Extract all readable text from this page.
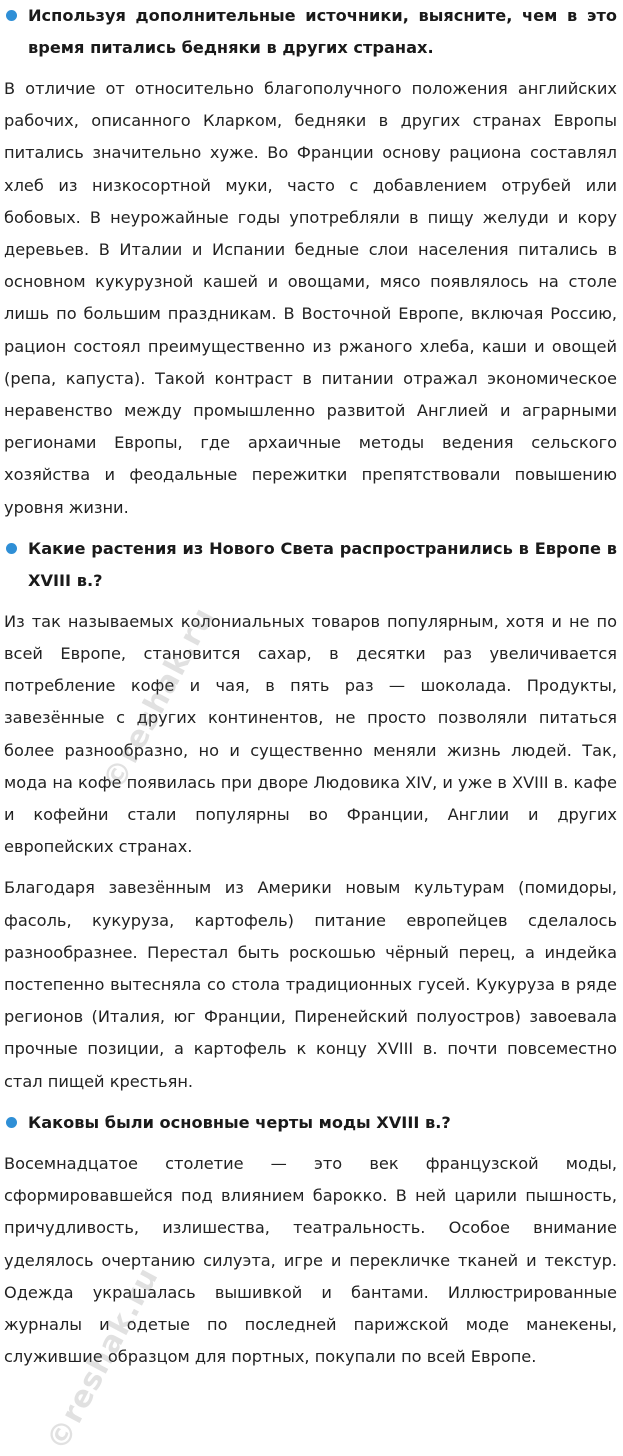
Используя дополнительные источники, выясните, чем в это время питались бедняки в других странах.

В отличие от относительно благополучного положения английских рабочих, описанного Кларком, бедняки в других странах Европы питались значительно хуже. Во Франции основу рациона составлял хлеб из низкосортной муки, часто с добавлением отрубей или бобовых. В неурожайные годы употребляли в пищу желуди и кору деревьев. В Италии и Испании бедные слои населения питались в основном кукурузной кашей и овощами, мясо появлялось на столе лишь по большим праздникам. В Восточной Европе, включая Россию, рацион состоял преимущественно из ржаного хлеба, каши и овощей (репа, капуста). Такой контраст в питании отражал экономическое неравенство между промышленно развитой Англией и аграрными регионами Европы, где архаичные методы ведения сельского хозяйства и феодальные пережитки препятствовали повышению уровня жизни.

Какие растения из Нового Света распространились в Европе в XVIII в.?

Из так называемых колониальных товаров популярным, хотя и не по всей Европе, становится сахар, в десятки раз увеличивается потребление кофе и чая, в пять раз — шоколада. Продукты, завезённые с других континентов, не просто позволяли питаться более разнообразно, но и существенно меняли жизнь людей. Так, мода на кофе появилась при дворе Людовика XIV, и уже в XVIII в. кафе и кофейни стали популярны во Франции, Англии и других европейских странах.

Благодаря завезённым из Америки новым культурам (помидоры, фасоль, кукуруза, картофель) питание европейцев сделалось разнообразнее. Перестал быть роскошью чёрный перец, а индейка постепенно вытесняла со стола традиционных гусей. Кукуруза в ряде регионов (Италия, юг Франции, Пиренейский полуостров) завоевала прочные позиции, а картофель к концу XVIII в. почти повсеместно стал пищей крестьян.

Каковы были основные черты моды XVIII в.?

Восемнадцатое столетие — это век французской моды, сформировавшейся под влиянием барокко. В ней царили пышность, причудливость, излишества, театральность. Особое внимание уделялось очертанию силуэта, игре и перекличке тканей и текстур. Одежда украшалась вышивкой и бантами. Иллюстрированные журналы и одетые по последней парижской моде манекены, служившие образцом для портных, покупали по всей Европе.

©reshak.ru
©reshak.ru
